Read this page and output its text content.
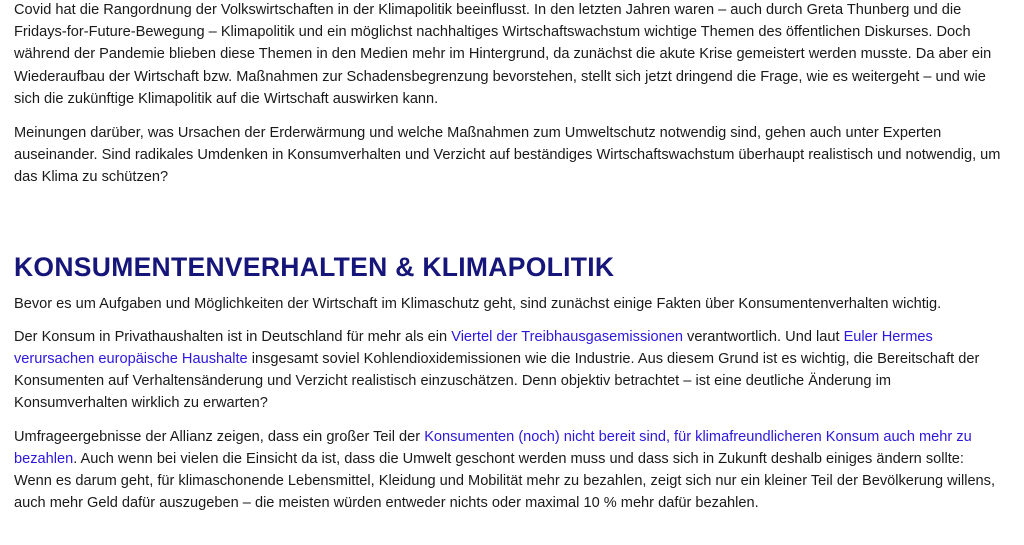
Covid hat die Rangordnung der Volkswirtschaften in der Klimapolitik beeinflusst. In den letzten Jahren waren – auch durch Greta Thunberg und die Fridays-for-Future-Bewegung – Klimapolitik und ein möglichst nachhaltiges Wirtschaftswachstum wichtige Themen des öffentlichen Diskurses. Doch während der Pandemie blieben diese Themen in den Medien mehr im Hintergrund, da zunächst die akute Krise gemeistert werden musste. Da aber ein Wiederaufbau der Wirtschaft bzw. Maßnahmen zur Schadensbegrenzung bevorstehen, stellt sich jetzt dringend die Frage, wie es weitergeht – und wie sich die zukünftige Klimapolitik auf die Wirtschaft auswirken kann.

Meinungen darüber, was Ursachen der Erderwärmung und welche Maßnahmen zum Umweltschutz notwendig sind, gehen auch unter Experten auseinander. Sind radikales Umdenken in Konsumverhalten und Verzicht auf beständiges Wirtschaftswachstum überhaupt realistisch und notwendig, um das Klima zu schützen?

KONSUMENTENVERHALTEN & KLIMAPOLITIK

Bevor es um Aufgaben und Möglichkeiten der Wirtschaft im Klimaschutz geht, sind zunächst einige Fakten über Konsumentenverhalten wichtig.

Der Konsum in Privathaushalten ist in Deutschland für mehr als ein Viertel der Treibhausgasemissionen verantwortlich. Und laut Euler Hermes verursachen europäische Haushalte insgesamt soviel Kohlendioxidemissionen wie die Industrie. Aus diesem Grund ist es wichtig, die Bereitschaft der Konsumenten auf Verhaltensänderung und Verzicht realistisch einzuschätzen. Denn objektiv betrachtet – ist eine deutliche Änderung im Konsumverhalten wirklich zu erwarten?

Umfrageergebnisse der Allianz zeigen, dass ein großer Teil der Konsumenten (noch) nicht bereit sind, für klimafreundlicheren Konsum auch mehr zu bezahlen. Auch wenn bei vielen die Einsicht da ist, dass die Umwelt geschont werden muss und dass sich in Zukunft deshalb einiges ändern sollte: Wenn es darum geht, für klimaschonende Lebensmittel, Kleidung und Mobilität mehr zu bezahlen, zeigt sich nur ein kleiner Teil der Bevölkerung willens, auch mehr Geld dafür auszugeben – die meisten würden entweder nichts oder maximal 10 % mehr dafür bezahlen.
